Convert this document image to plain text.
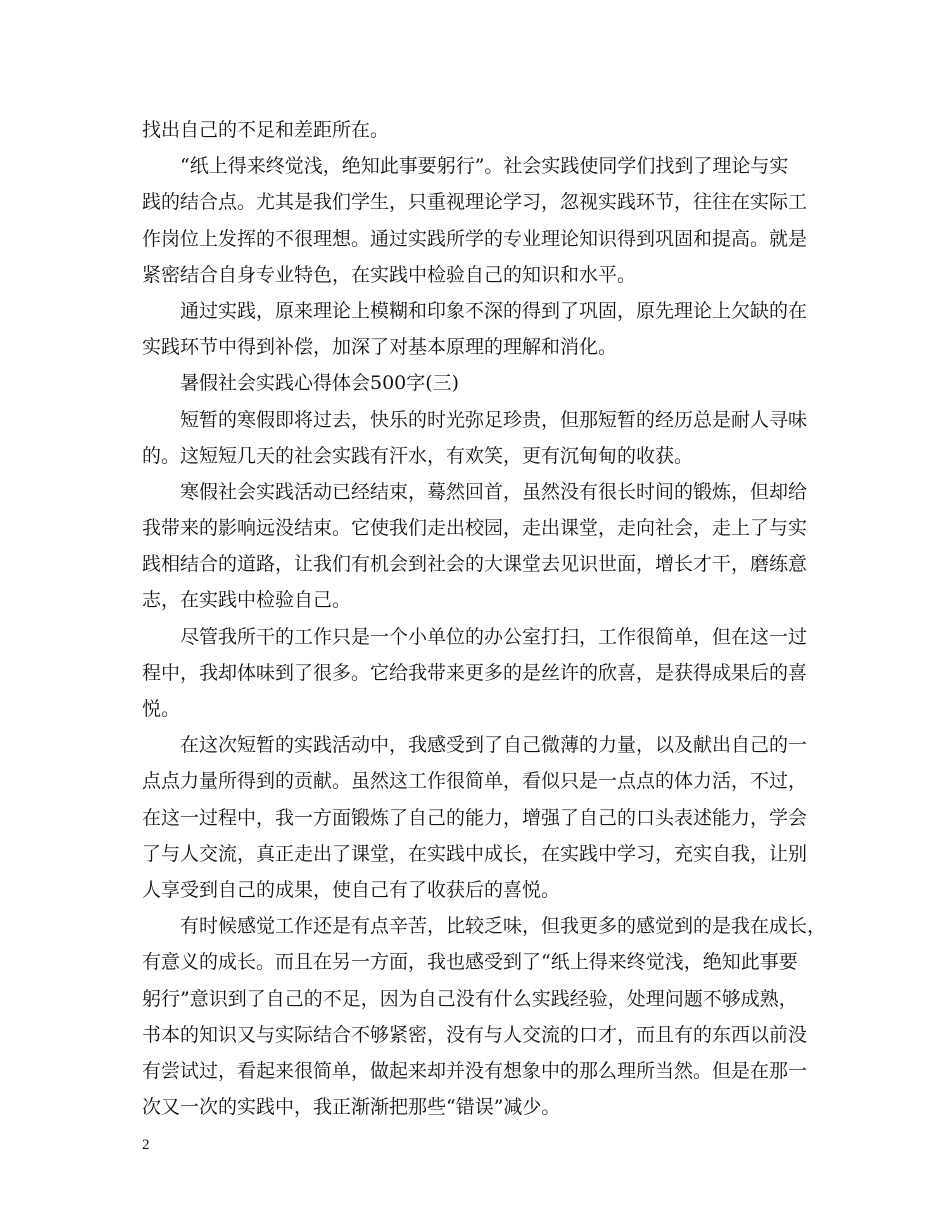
找出自己的不足和差距所在。
“纸上得来终觉浅，绝知此事要躬行”。社会实践使同学们找到了理论与实
践的结合点。尤其是我们学生，只重视理论学习，忽视实践环节，往往在实际工
作岗位上发挥的不很理想。通过实践所学的专业理论知识得到巩固和提高。就是
紧密结合自身专业特色，在实践中检验自己的知识和水平。
通过实践，原来理论上模糊和印象不深的得到了巩固，原先理论上欠缺的在
实践环节中得到补偿，加深了对基本原理的理解和消化。
暑假社会实践心得体会500字(三)
短暂的寒假即将过去，快乐的时光弥足珍贵，但那短暂的经历总是耐人寻味
的。这短短几天的社会实践有汗水，有欢笑，更有沉甸甸的收获。
寒假社会实践活动已经结束，蓦然回首，虽然没有很长时间的锻炼，但却给
我带来的影响远没结束。它使我们走出校园，走出课堂，走向社会，走上了与实
践相结合的道路，让我们有机会到社会的大课堂去见识世面，增长才干，磨练意
志，在实践中检验自己。
尽管我所干的工作只是一个小单位的办公室打扫，工作很简单，但在这一过
程中，我却体味到了很多。它给我带来更多的是丝许的欣喜，是获得成果后的喜
悦。
在这次短暂的实践活动中，我感受到了自己微薄的力量，以及献出自己的一
点点力量所得到的贡献。虽然这工作很简单，看似只是一点点的体力活，不过，
在这一过程中，我一方面锻炼了自己的能力，增强了自己的口头表述能力，学会
了与人交流，真正走出了课堂，在实践中成长，在实践中学习，充实自我，让别
人享受到自己的成果，使自己有了收获后的喜悦。
有时候感觉工作还是有点辛苦，比较乏味，但我更多的感觉到的是我在成长，
有意义的成长。而且在另一方面，我也感受到了“纸上得来终觉浅，绝知此事要
躬行”意识到了自己的不足，因为自己没有什么实践经验，处理问题不够成熟，
书本的知识又与实际结合不够紧密，没有与人交流的口才，而且有的东西以前没
有尝试过，看起来很简单，做起来却并没有想象中的那么理所当然。但是在那一
次又一次的实践中，我正渐渐把那些“错误”减少。
2
